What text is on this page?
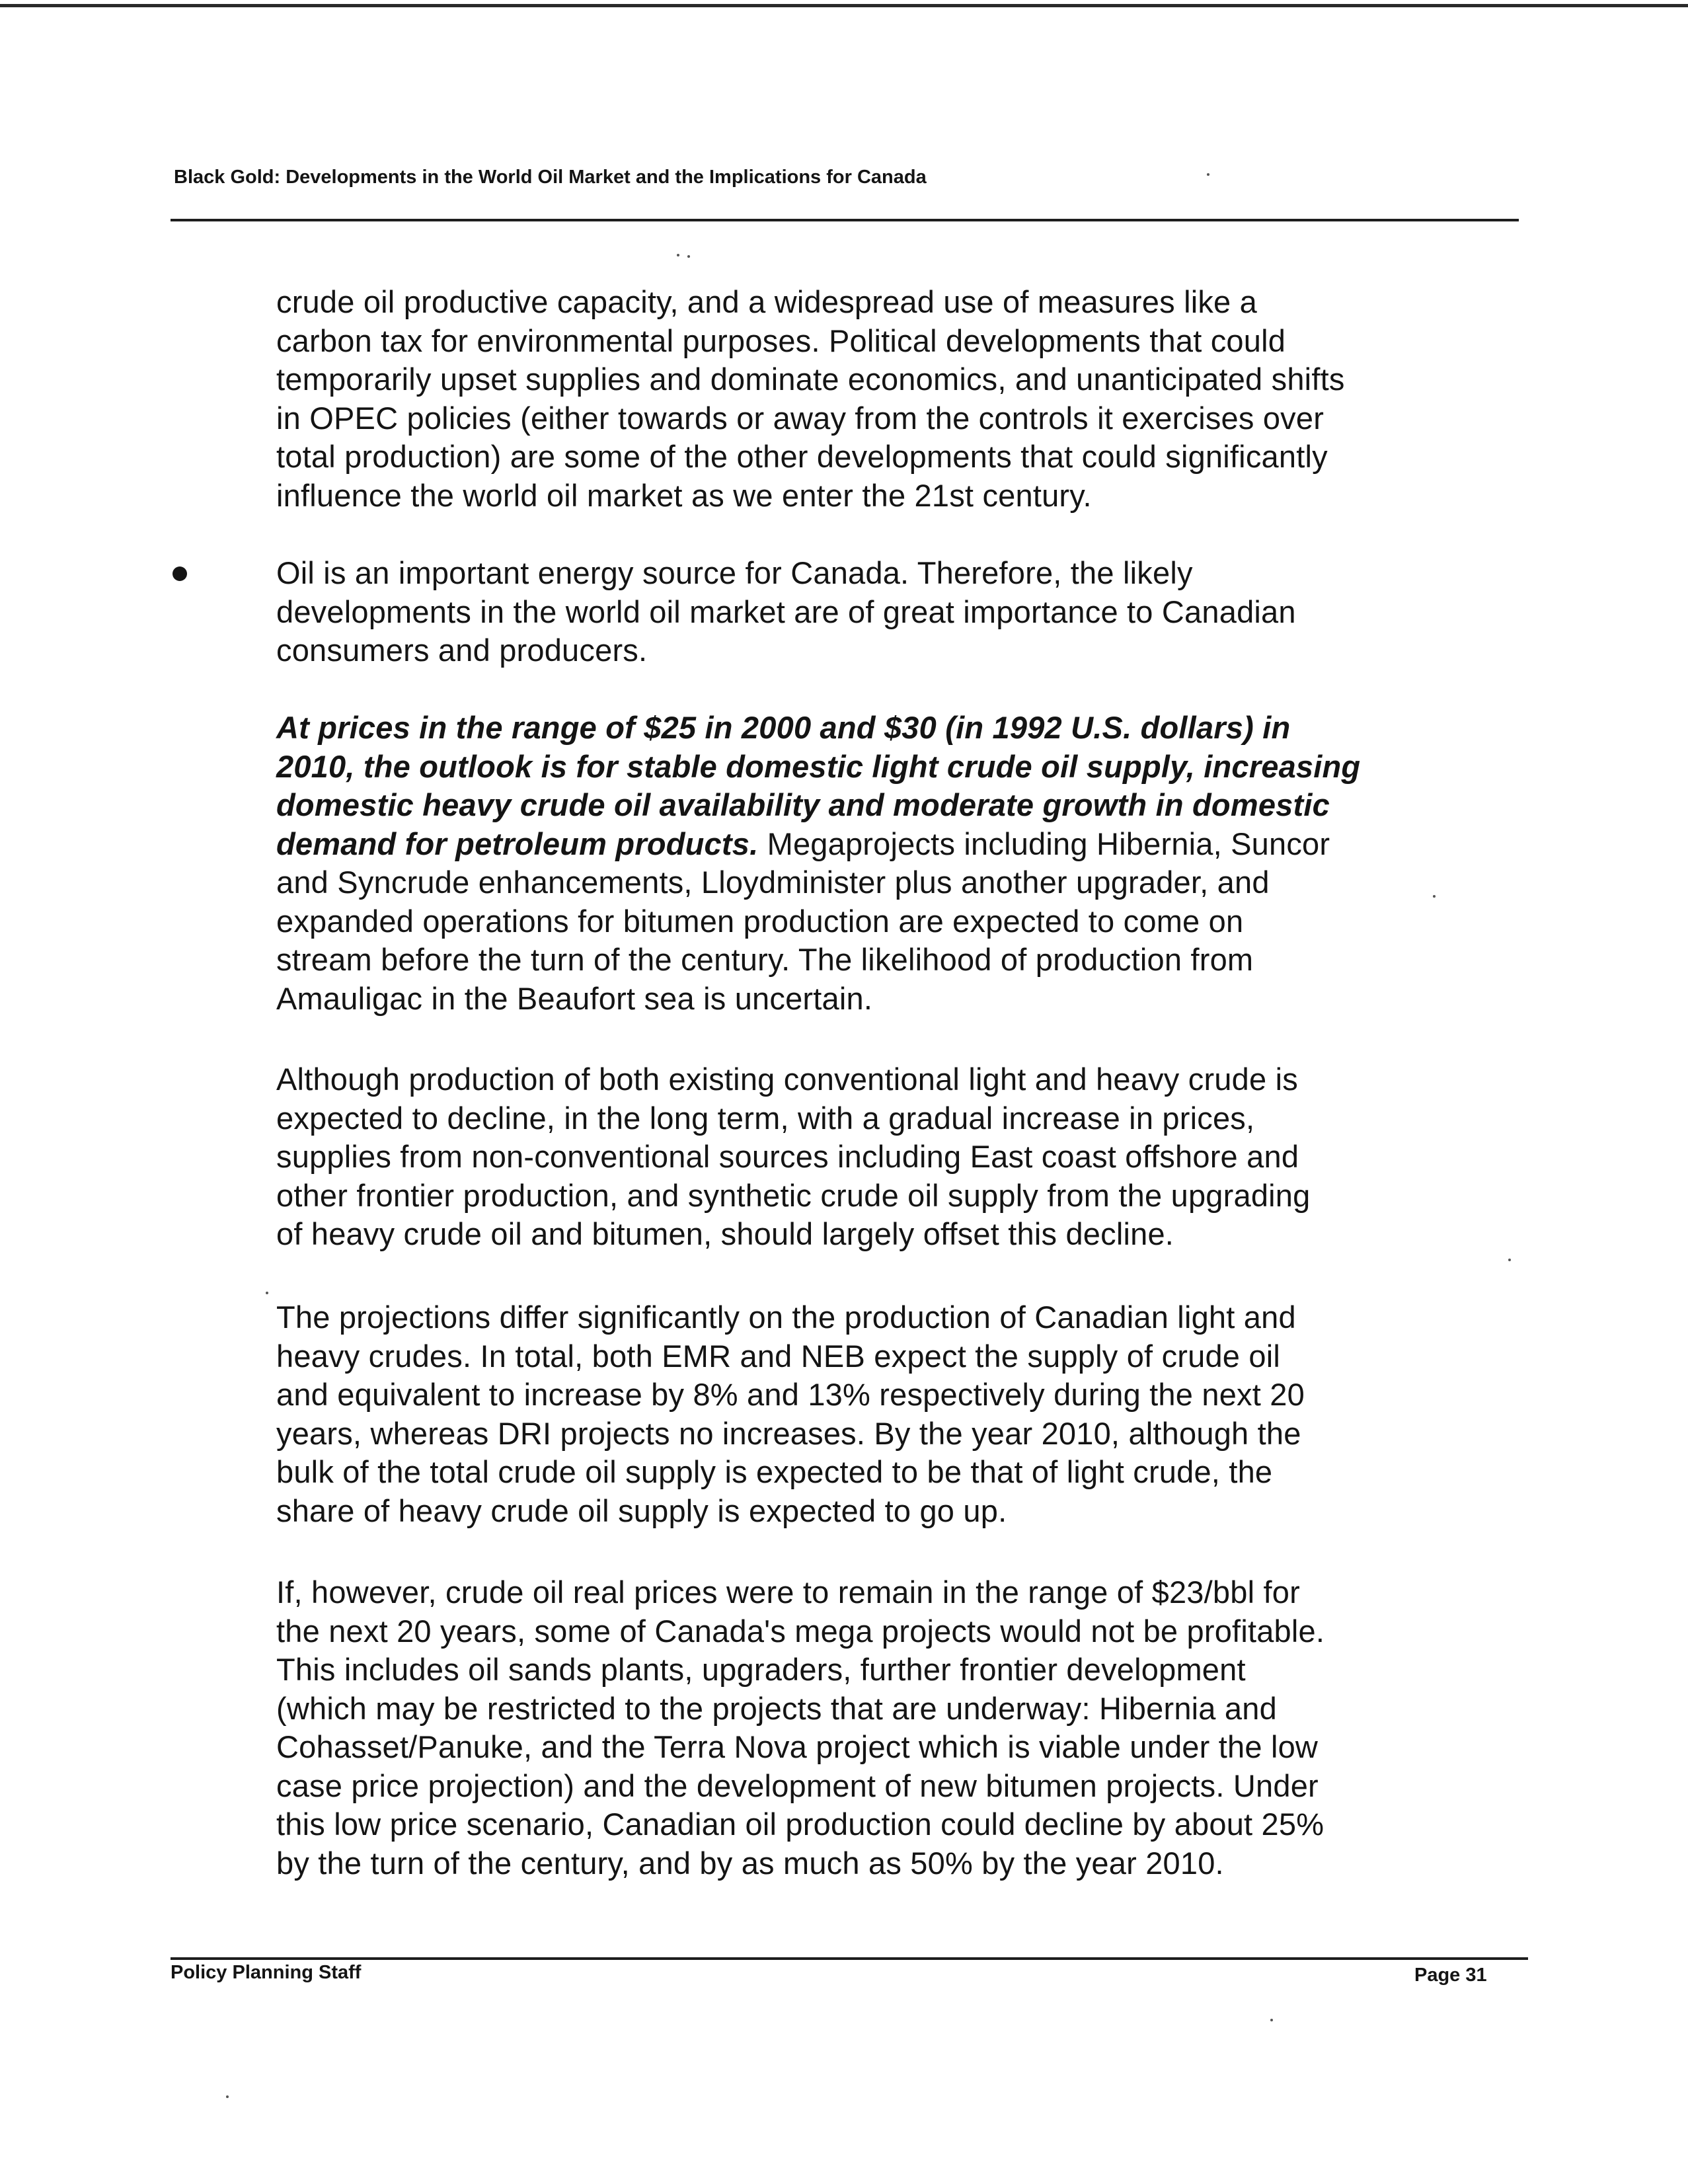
Black Gold: Developments in the World Oil Market and the Implications for Canada

crude oil productive capacity, and a widespread use of measures like a
carbon tax for environmental purposes. Political developments that could
temporarily upset supplies and dominate economics, and unanticipated shifts
in OPEC policies (either towards or away from the controls it exercises over
total production) are some of the other developments that could significantly
influence the world oil market as we enter the 21st century.

Oil is an important energy source for Canada. Therefore, the likely
developments in the world oil market are of great importance to Canadian
consumers and producers.

At prices in the range of $25 in 2000 and $30 (in 1992 U.S. dollars) in
2010, the outlook is for stable domestic light crude oil supply, increasing
domestic heavy crude oil availability and moderate growth in domestic
demand for petroleum products. Megaprojects including Hibernia, Suncor
and Syncrude enhancements, Lloydminister plus another upgrader, and
expanded operations for bitumen production are expected to come on
stream before the turn of the century. The likelihood of production from
Amauligac in the Beaufort sea is uncertain.

Although production of both existing conventional light and heavy crude is
expected to decline, in the long term, with a gradual increase in prices,
supplies from non-conventional sources including East coast offshore and
other frontier production, and synthetic crude oil supply from the upgrading
of heavy crude oil and bitumen, should largely offset this decline.

The projections differ significantly on the production of Canadian light and
heavy crudes. In total, both EMR and NEB expect the supply of crude oil
and equivalent to increase by 8% and 13% respectively during the next 20
years, whereas DRI projects no increases. By the year 2010, although the
bulk of the total crude oil supply is expected to be that of light crude, the
share of heavy crude oil supply is expected to go up.

If, however, crude oil real prices were to remain in the range of $23/bbl for
the next 20 years, some of Canada's mega projects would not be profitable.
This includes oil sands plants, upgraders, further frontier development
(which may be restricted to the projects that are underway: Hibernia and
Cohasset/Panuke, and the Terra Nova project which is viable under the low
case price projection) and the development of new bitumen projects. Under
this low price scenario, Canadian oil production could decline by about 25%
by the turn of the century, and by as much as 50% by the year 2010.

Policy Planning Staff	Page 31
